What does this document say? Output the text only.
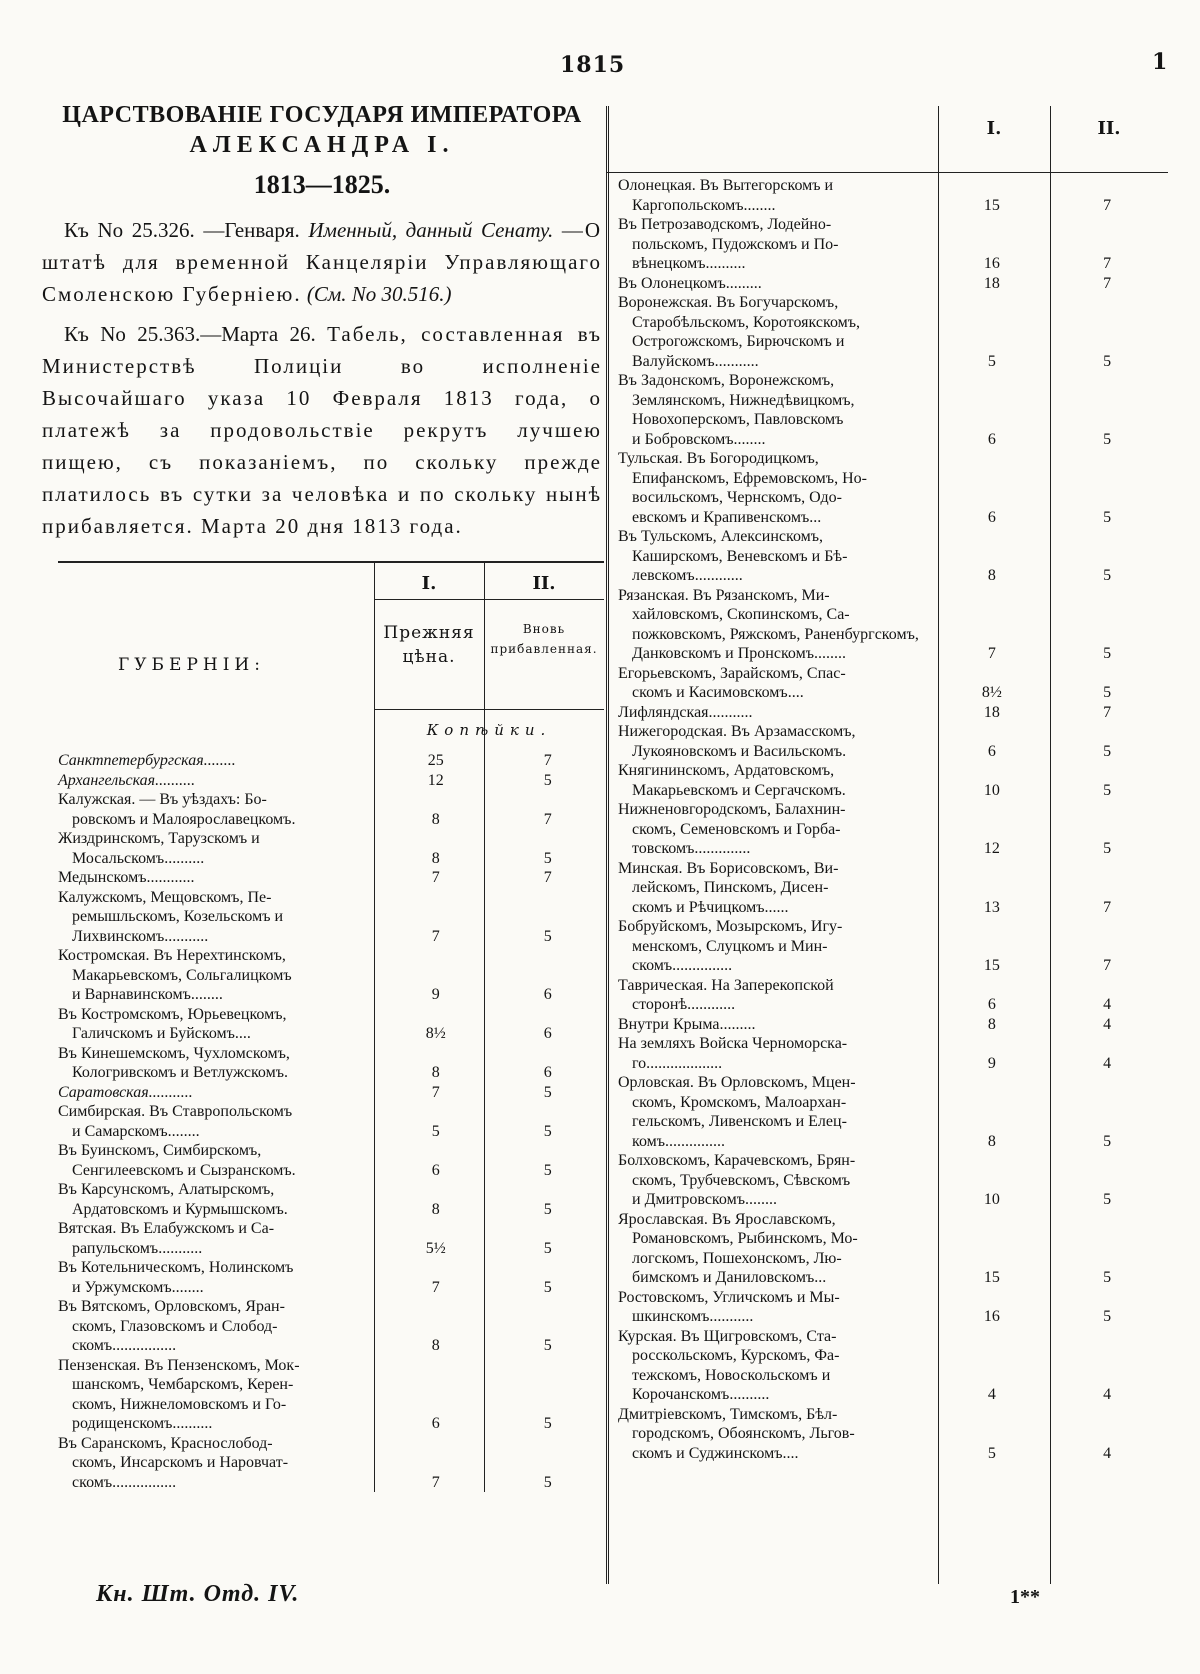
1815	1
ЦАРСТВОВАНІЕ ГОСУДАРЯ ИМПЕРАТОРА
АЛЕКСАНДРА I.
1813—1825.
Къ No 25.326. —Генваря. Именный, данный Сенату. —О штатѣ для временной Канцеляріи Управляющаго Смоленскою Губерніею. (См. No 30.516.)
Къ No 25.363.—Марта 26. Табель, составленная въ Министерствѣ Полиціи во исполненіе Высочайшаго указа 10 Февраля 1813 года, о платежѣ за продовольствіе рекрутъ лучшею пищею, съ показаніемъ, по скольку прежде платилось въ сутки за человѣка и по скольку нынѣ прибавляется. Марта 20 дня 1813 года.
I.	II.
Прежняя цѣна.
Вновь прибавленная.
ГУБЕРНІИ:
Копѣйки.
Санктпетербургская........	25	7
Архангельская..........	12	5
Калужская. — Въ уѣздахъ: Бо-		
ровскомъ и Малоярославецкомъ.	8	7
Жиздринскомъ, Тарузскомъ и		
Мосальскомъ..........	8	5
Медынскомъ............	7	7
Калужскомъ, Мещовскомъ, Пе-		
ремышльскомъ, Козельскомъ и		
Лихвинскомъ...........	7	5
Костромская. Въ Нерехтинскомъ,		
Макарьевскомъ, Сольгалицкомъ		
и Варнавинскомъ........	9	6
Въ Костромскомъ, Юрьевецкомъ,		
Галичскомъ и Буйскомъ....	8½	6
Въ Кинешемскомъ, Чухломскомъ,		
Кологривскомъ и Ветлужскомъ.	8	6
Саратовская...........	7	5
Симбирская. Въ Ставропольскомъ		
и Самарскомъ........	5	5
Въ Буинскомъ, Симбирскомъ,		
Сенгилеевскомъ и Сызранскомъ.	6	5
Въ Карсунскомъ, Алатырскомъ,		
Ардатовскомъ и Курмышскомъ.	8	5
Вятская. Въ Елабужскомъ и Са-		
рапульскомъ...........	5½	5
Въ Котельническомъ, Нолинскомъ		
и Уржумскомъ........	7	5
Въ Вятскомъ, Орловскомъ, Яран-		
скомъ, Глазовскомъ и Слобод-		
скомъ................	8	5
Пензенская. Въ Пензенскомъ, Мок-		
шанскомъ, Чембарскомъ, Керен-		
скомъ, Нижнеломовскомъ и Го-		
родищенскомъ..........	6	5
Въ Саранскомъ, Краснослобод-		
скомъ, Инсарскомъ и Наровчат-		
скомъ................	7	5
Кн. Шт. Отд. IV.	1**
I.	II.
Олонецкая. Въ Вытегорскомъ и		
Каргопольскомъ........	15	7
Въ Петрозаводскомъ, Лодейно-		
польскомъ, Пудожскомъ и По-		
вѣнецкомъ..........	16	7
Въ Олонецкомъ.........	18	7
Воронежская. Въ Богучарскомъ,		
Старобѣльскомъ, Коротоякскомъ,		
Острогожскомъ, Бирючскомъ и		
Валуйскомъ...........	5	5
Въ Задонскомъ, Воронежскомъ,		
Землянскомъ, Нижнедѣвицкомъ,		
Новохоперскомъ, Павловскомъ		
и Бобровскомъ........	6	5
Тульская. Въ Богородицкомъ,		
Епифанскомъ, Ефремовскомъ, Но-		
восильскомъ, Чернскомъ, Одо-		
евскомъ и Крапивенскомъ...	6	5
Въ Тульскомъ, Алексинскомъ,		
Каширскомъ, Веневскомъ и Бѣ-		
левскомъ............	8	5
Рязанская. Въ Рязанскомъ, Ми-		
хайловскомъ, Скопинскомъ, Са-		
пожковскомъ, Ряжскомъ, Раненбургскомъ, Данковскомъ и Пронскомъ........	7	5
Егорьевскомъ, Зарайскомъ, Спас-		
скомъ и Касимовскомъ....	8½	5
Лифляндская...........	18	7
Нижегородская. Въ Арзамасскомъ,		
Лукояновскомъ и Васильскомъ.	6	5
Княгининскомъ, Ардатовскомъ,		
Макарьевскомъ и Сергачскомъ.	10	5
Нижненовгородскомъ, Балахнин-		
скомъ, Семеновскомъ и Горба-		
товскомъ..............	12	5
Минская. Въ Борисовскомъ, Ви-		
лейскомъ, Пинскомъ, Дисен-		
скомъ и Рѣчицкомъ......	13	7
Бобруйскомъ, Мозырскомъ, Игу-		
менскомъ, Слуцкомъ и Мин-		
скомъ...............	15	7
Таврическая. На Заперекопской		
сторонѣ............	6	4
Внутри Крыма.........	8	4
На земляхъ Войска Черноморска-		
го...................	9	4
Орловская. Въ Орловскомъ, Мцен-		
скомъ, Кромскомъ, Малоархан-		
гельскомъ, Ливенскомъ и Елец-		
комъ...............	8	5
Болховскомъ, Карачевскомъ, Брян-		
скомъ, Трубчевскомъ, Сѣвскомъ		
и Дмитровскомъ........	10	5
Ярославская. Въ Ярославскомъ,		
Романовскомъ, Рыбинскомъ, Мо-		
логскомъ, Пошехонскомъ, Лю-		
бимскомъ и Даниловскомъ...	15	5
Ростовскомъ, Угличскомъ и Мы-		
шкинскомъ...........	16	5
Курская. Въ Щигровскомъ, Ста-		
росскольскомъ, Курскомъ, Фа-		
тежскомъ, Новоскольскомъ и		
Корочанскомъ..........	4	4
Дмитріевскомъ, Тимскомъ, Бѣл-		
городскомъ, Обоянскомъ, Льгов-		
скомъ и Суджинскомъ....	5	4
